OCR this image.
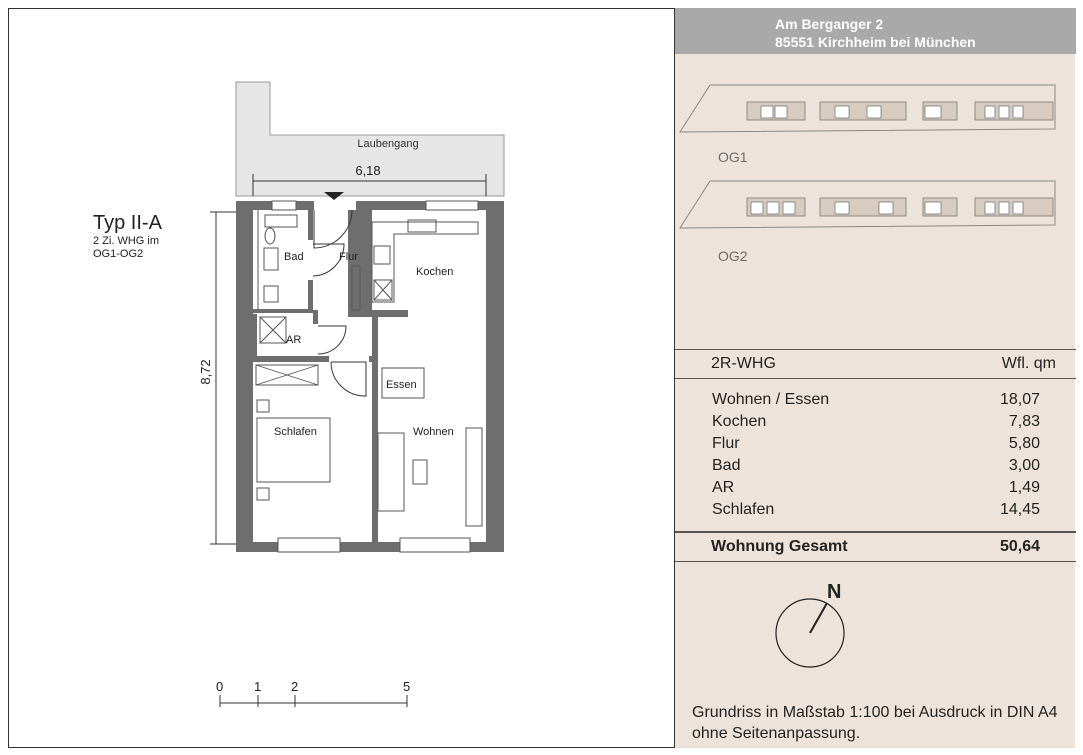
Laubengang
6,18
Bad	Flur
Kochen
AR
Essen
Schlafen	Wohnen
8,72
Typ II-A
2 Zi. WHG im
OG1-OG2
0 1 2	5
Am Berganger 2
85551 Kirchheim bei München
OG1
OG2
2R-WHG	Wfl. qm
Wohnen / Essen	18,07
Kochen	7,83
Flur	5,80
Bad	3,00
AR	1,49
Schlafen	14,45
Wohnung Gesamt	50,64
N
Grundriss in Maßstab 1:100 bei Ausdruck in DIN A4 ohne Seitenanpassung.
